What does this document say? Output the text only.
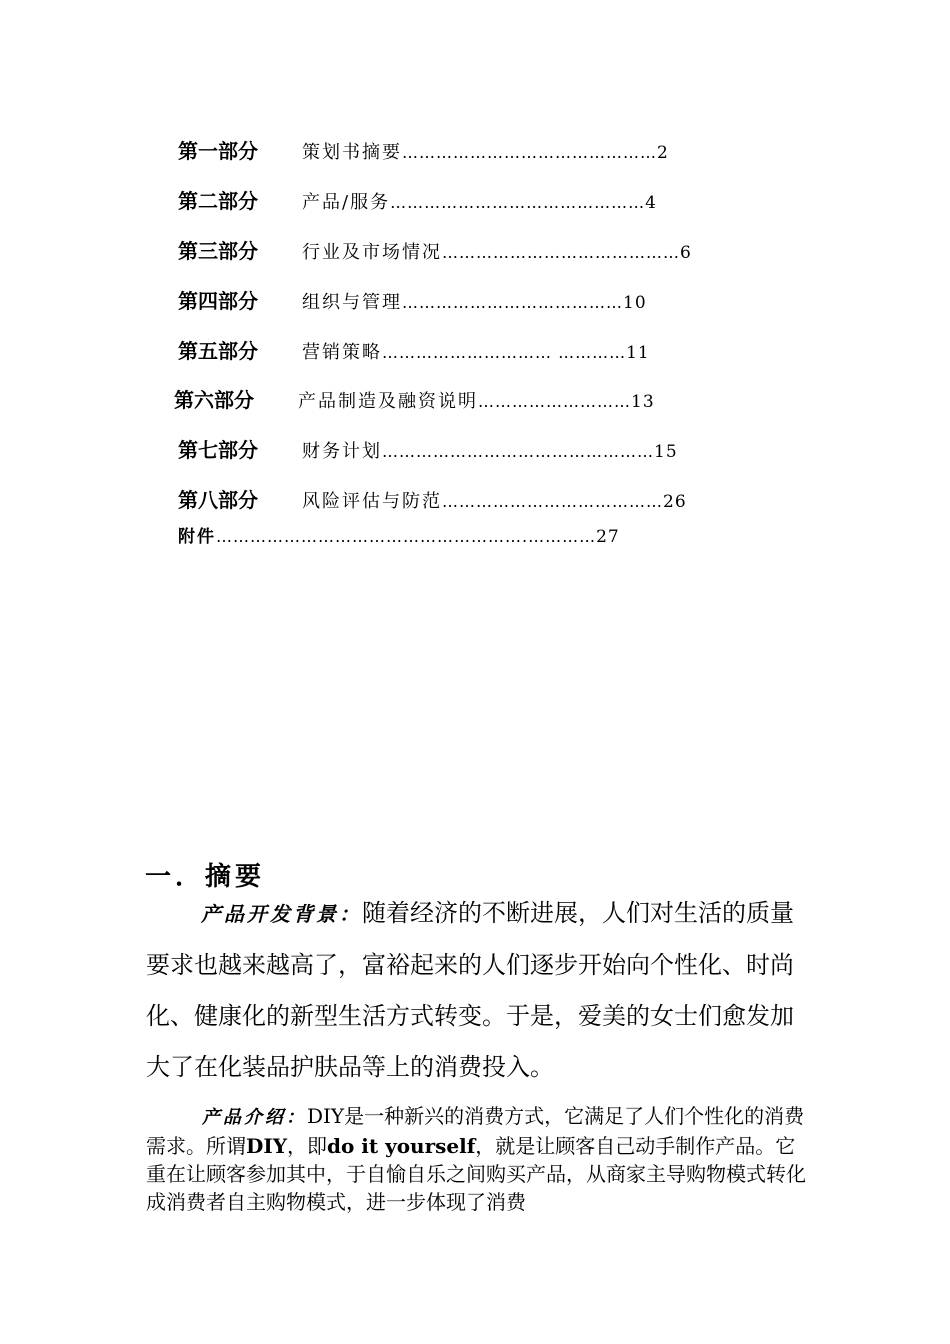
第一部分	策划书摘要 ……………………………………… 2
第二部分	产品/服务 ……………………………………… 4
第三部分	行业及市场情况 …………………………………… 6
第四部分	组织与管理 ………………………………… 10
第五部分	营销策略 ………………………… ………… 11
第六部分	产品制造及融资说明 ……………………… 13
第七部分	财务计划 ………………………………………… 15
第八部分	风险评估与防范 ………………………………… 26
附件 ……………………………………………….………… 27
一．摘要

产品开发背景：随着经济的不断进展，人们对生活的质量要求也越来越高了，富裕起来的人们逐步开始向个性化、时尚化、健康化的新型生活方式转变。于是，爱美的女士们愈发加大了在化装品护肤品等上的消费投入。

产品介绍：DIY是一种新兴的消费方式，它满足了人们个性化的消费需求。所谓DIY，即do it yourself，就是让顾客自己动手制作产品。它重在让顾客参加其中，于自愉自乐之间购买产品，从商家主导购物模式转化成消费者自主购物模式，进一步体现了消费
